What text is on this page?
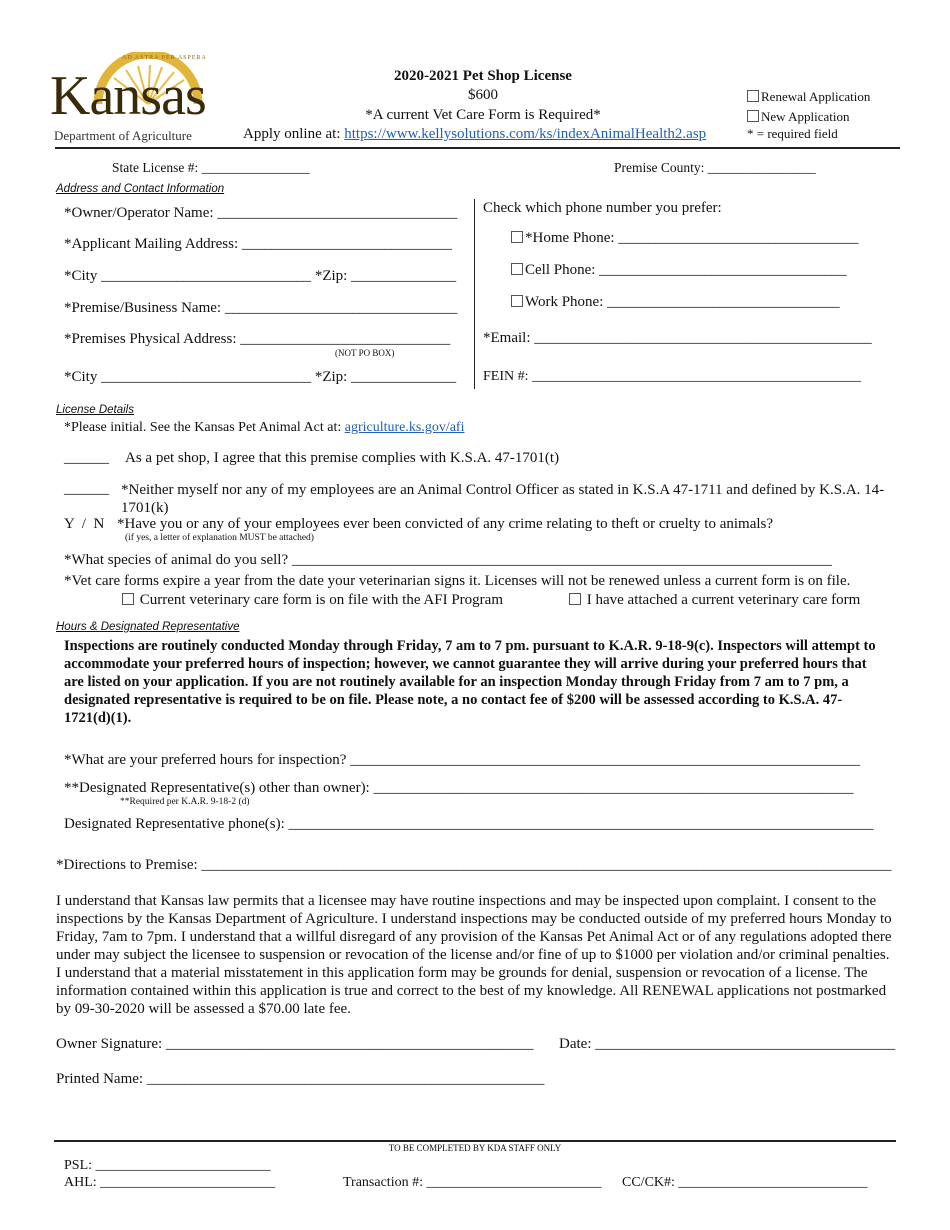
AD ASTRA PER ASPERA
Kansas
Department of Agriculture
2020-2021 Pet Shop License
$600
*A current Vet Care Form is Required*
Apply online at: https://www.kellysolutions.com/ks/indexAnimalHealth2.asp
Renewal Application
New Application
* = required field
State License #: ________________	Premise County: ________________
Address and Contact Information
*Owner/Operator Name: ________________________________
*Applicant Mailing Address: ____________________________
*City ____________________________ *Zip: ______________
*Premise/Business Name: _______________________________
*Premises Physical Address: ____________________________
(NOT PO BOX)
*City ____________________________ *Zip: ______________
Check which phone number you prefer:
*Home Phone: ________________________________
Cell Phone: _________________________________
Work Phone: _______________________________
*Email: _____________________________________________
FEIN #: _______________________________________________
License Details
*Please initial. See the Kansas Pet Animal Act at: agriculture.ks.gov/afi
______ As a pet shop, I agree that this premise complies with K.S.A. 47-1701(t)
______ *Neither myself nor any of my employees are an Animal Control Officer as stated in K.S.A 47-1711 and defined by K.S.A. 14-1701(k)
Y  /  N *Have you or any of your employees ever been convicted of any crime relating to theft or cruelty to animals?
(if yes, a letter of explanation MUST be attached)
*What species of animal do you sell? ________________________________________________________________________
*Vet care forms expire a year from the date your veterinarian signs it. Licenses will not be renewed unless a current form is on file.
Current veterinary care form is on file with the AFI Program	I have attached a current veterinary care form
Hours & Designated Representative
Inspections are routinely conducted Monday through Friday, 7 am to 7 pm. pursuant to K.A.R. 9-18-9(c). Inspectors will attempt to accommodate your preferred hours of inspection; however, we cannot guarantee they will arrive during your preferred hours that are listed on your application. If you are not routinely available for an inspection Monday through Friday from 7 am to 7 pm, a designated representative is required to be on file. Please note, a no contact fee of $200 will be assessed according to K.S.A. 47-1721(d)(1).
*What are your preferred hours for inspection? ____________________________________________________________________
**Designated Representative(s) other than owner): ________________________________________________________________
**Required per K.A.R. 9-18-2 (d)
Designated Representative phone(s): ______________________________________________________________________________
*Directions to Premise: ____________________________________________________________________________________________
I understand that Kansas law permits that a licensee may have routine inspections and may be inspected upon complaint. I consent to the inspections by the Kansas Department of Agriculture. I understand inspections may be conducted outside of my preferred hours Monday to Friday, 7am to 7pm. I understand that a willful disregard of any provision of the Kansas Pet Animal Act or of any regulations adopted there under may subject the licensee to suspension or revocation of the license and/or fine of up to $1000 per violation and/or criminal penalties. I understand that a material misstatement in this application form may be grounds for denial, suspension or revocation of a license. The information contained within this application is true and correct to the best of my knowledge. All RENEWAL applications not postmarked by 09-30-2020 will be assessed a $70.00 late fee.
Owner Signature: _________________________________________________ Date: ________________________________________
Printed Name: _____________________________________________________
TO BE COMPLETED BY KDA STAFF ONLY
PSL: _________________________
AHL: _________________________	Transaction #: _________________________ CC/CK#: ___________________________
